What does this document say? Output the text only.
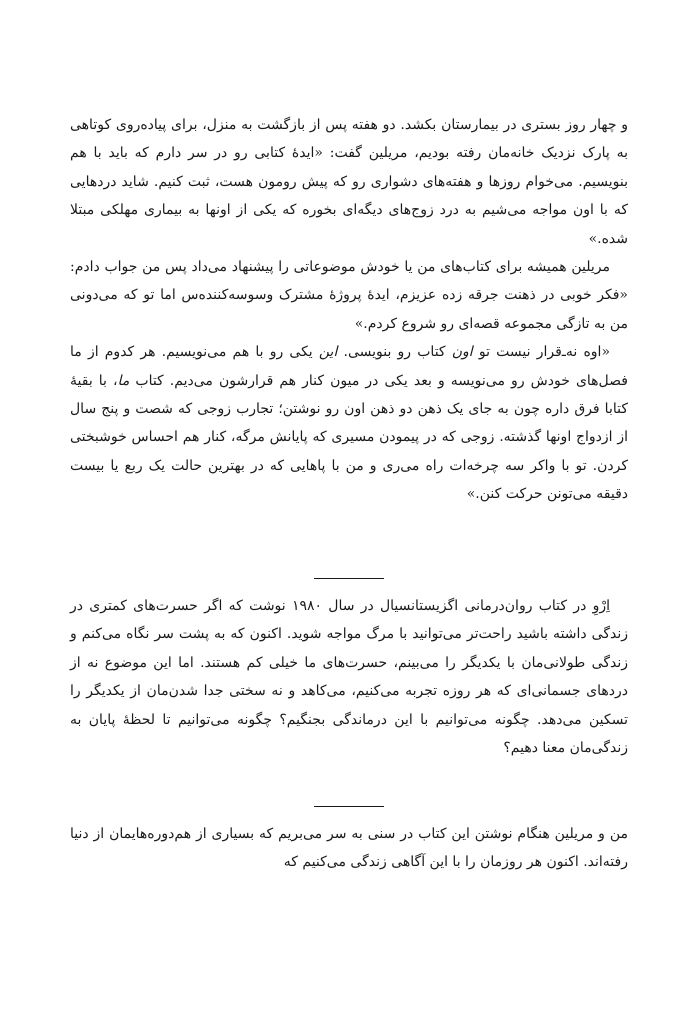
و چهار روز بستری در بیمارستان بکشد. دو هفته پس از بازگشت به منزل، برای پیاده‌روی کوتاهی به پارک نزدیک خانه‌مان رفته بودیم، مریلین گفت: «ایدهٔ کتابی رو در سر دارم که باید با هم بنویسیم. می‌خوام روزها و هفته‌های دشواری رو که پیش رومون هست، ثبت کنیم. شاید دردهایی که با اون مواجه می‌شیم به درد زوج‌های دیگه‌ای بخوره که یکی از اونها به بیماری مهلکی مبتلا شده.»

مریلین همیشه برای کتاب‌های من یا خودش موضوعاتی را پیشنهاد می‌داد پس من جواب دادم: «فکر خوبی در ذهنت جرقه زده عزیزم، ایدهٔ پروژهٔ مشترک وسوسه‌کننده‌س اما تو که می‌دونی من به تازگی مجموعه قصه‌ای رو شروع کردم.»

«اوه نه‌ـ‌قرار نیست تو اون کتاب رو بنویسی. این یکی رو با هم می‌نویسیم. هر کدوم از ما فصل‌های خودش رو می‌نویسه و بعد یکی در میون کنار هم قرارشون می‌دیم. کتاب ما، با بقیهٔ کتابا فرق داره چون به جای یک ذهن دو ذهن اون رو نوشتن؛ تجارب زوجی که شصت و پنج سال از ازدواج اونها گذشته. زوجی که در پیمودن مسیری که پایانش مرگه، کنار هم احساس خوشبختی کردن. تو با واکر سه چرخه‌ات راه می‌ری و من با پاهایی که در بهترین حالت یک ربع یا بیست دقیقه می‌تونن حرکت کنن.»

اِرْوِ در کتاب روان‌درمانی اگزیستانسیال در سال ۱۹۸۰ نوشت که اگر حسرت‌های کمتری در زندگی داشته باشید راحت‌تر می‌توانید با مرگ مواجه شوید. اکنون که به پشت سر نگاه می‌کنم و زندگی طولانی‌مان با یکدیگر را می‌بینم، حسرت‌های ما خیلی کم هستند. اما این موضوع نه از دردهای جسمانی‌ای که هر روزه تجربه می‌کنیم، می‌کاهد و نه سختی جدا شدن‌مان از یکدیگر را تسکین می‌دهد. چگونه می‌توانیم با این درماندگی بجنگیم؟ چگونه می‌توانیم تا لحظهٔ پایان به زندگی‌مان معنا دهیم؟

من و مریلین هنگام نوشتن این کتاب در سنی به سر می‌بریم که بسیاری از هم‌دوره‌هایمان از دنیا رفته‌اند. اکنون هر روزمان را با این آگاهی زندگی می‌کنیم که
